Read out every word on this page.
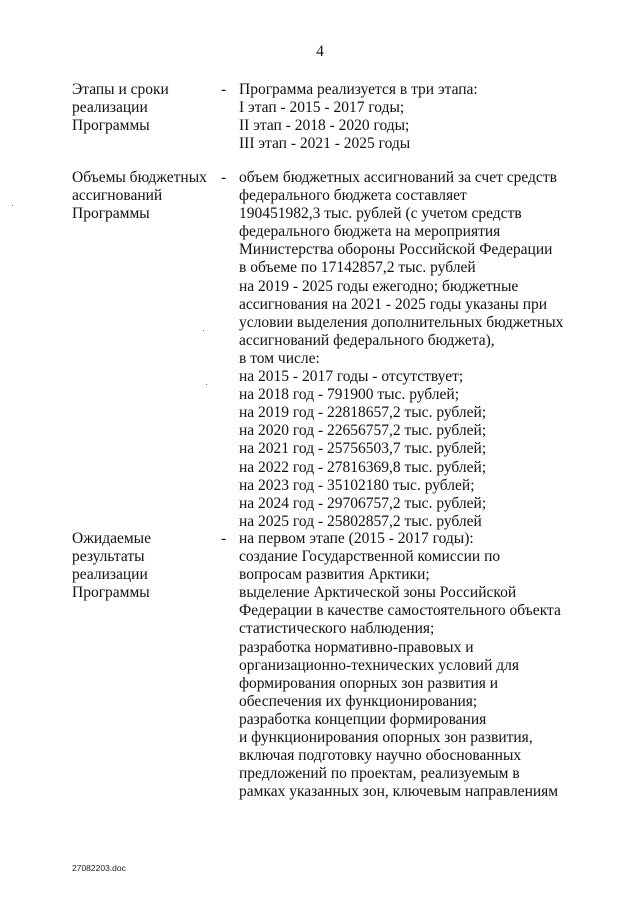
4
Этапы и сроки
реализации
Программы
- Программа реализуется в три этапа:
I этап - 2015 - 2017 годы;
II этап - 2018 - 2020 годы;
III этап - 2021 - 2025 годы
Объемы бюджетных
ассигнований
Программы
- объем бюджетных ассигнований за счет средств
федерального бюджета составляет
190451982,3 тыс. рублей (с учетом средств
федерального бюджета на мероприятия
Министерства обороны Российской Федерации
в объеме по 17142857,2 тыс. рублей
на 2019 - 2025 годы ежегодно; бюджетные
ассигнования на 2021 - 2025 годы указаны при
условии выделения дополнительных бюджетных
ассигнований федерального бюджета),
в том числе:
на 2015 - 2017 годы - отсутствует;
на 2018 год - 791900 тыс. рублей;
на 2019 год - 22818657,2 тыс. рублей;
на 2020 год - 22656757,2 тыс. рублей;
на 2021 год - 25756503,7 тыс. рублей;
на 2022 год - 27816369,8 тыс. рублей;
на 2023 год - 35102180 тыс. рублей;
на 2024 год - 29706757,2 тыс. рублей;
на 2025 год - 25802857,2 тыс. рублей
Ожидаемые
результаты
реализации
Программы
- на первом этапе (2015 - 2017 годы):
создание Государственной комиссии по
вопросам развития Арктики;
выделение Арктической зоны Российской
Федерации в качестве самостоятельного объекта
статистического наблюдения;
разработка нормативно-правовых и
организационно-технических условий для
формирования опорных зон развития и
обеспечения их функционирования;
разработка концепции формирования
и функционирования опорных зон развития,
включая подготовку научно обоснованных
предложений по проектам, реализуемым в
рамках указанных зон, ключевым направлениям
27082203.doc
